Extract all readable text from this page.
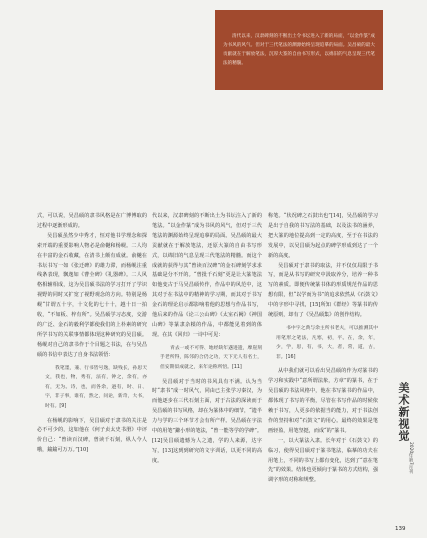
清代以来，汉隶碑刻的不断出土令书坛进入了新的局面，“以金作篆”成为书风的风气。但对于三代笔法的渊源始终呈现追摹的局面。吴昌硕的最大贡献就在于解放笔法，沉厚大篆的自由书写形式，以绵旧的气息呈现三代笔法的精髓。

式，可以说，吴昌硕的隶书风格是在广博博取的过程中逐渐形成的。

吴昌硕虽然少中秀才，恒对他书学理念和探索开端的重要影响人物必是俞樾和杨岘。二人均在丰富的金石收藏，在清书上颇有成就。俞樾在书坛书写一如《张迁碑》的雄力滞，而杨岘注重线条表现，飘逸如《曹全碑》《礼器碑》。二人风格相辅相成，这为吴昌硕书法的学习打开了学识视野的同时又扩宽了视野观念的方向。特别是杨岘“甘谓五十字，十文化的七十十，越十日一拍收，“不如板、梓有所”。吴昌硕学习态度，交游的广泛、金石的毅利学都使我们的上朴素的研究所学书写的关联事情都体现这种研究的吴昌硕。杨岘对自己的隶书作于个目题之书法，在与吴昌硕的书信中表达了自身书法领悟：

我笔墨，兼、行书皆号逸，缺残长，孙思天文，我也，物，秀有，法有，钟之，余有，亦有，无为。诗，也，而各余，逊有，时、日、字，非子事，谁有，然之，问论，新奇，大书，时有。[9]

在杨岘的影响下，吴昌硕对于隶书的关注是必不可少的，这如他在《何子贞太史书册》中评价自己：“曾读百汉碑，曾读千石刻，纵人今人哦，鍮鍮可万万。”[10]

代以来，汉隶碑刻的不断出土为书坛注入了新的笔法。“以金作篆”成为书风的风气，但对于三代笔法的渊源始终呈现追摹的局面。吴昌硕的最大贡献就在于解放笔法，还原大篆的自由书写形式，以绵旧的气息呈现三代笔法的精髓。而这个成就的获得与其“曾读百汉碑”的金石碑刻学求求基础是分不开的。“曾批千石刻”更是让大篆笔法如他变古于马吴昌硕传作，作品中的风范中，这其对于在书法中的精神的学习期，而其对于书写金石的理论启示都影响着他的思想与作品书写，他后来的作品《论三公山碑》《太室石阙》《神国山碑》等篆隶杂糅的作品，中都能见着到的体现。在其《回归》一诗中可见：

青去一或不可得、地经缺年遇进遗，摩崖刻手老所得，陈邻的合仍之功，天下无人有名士，但安期似成就之，来年论称所悟。[11]

吴昌硕对于当时的书风具有不满。认为当时“隶书”成一时风气，同由已主张学习秦汉，为而他逐步在三代石刻主面，对于古法的深读而于吴昌硕的书写风格，却在为篆体中的细节，“遗半力与学的三个环节才会有所产样。吴昌硕在字法中的用笔”鎌小形的笔法，“曾一能等学的学碑”。[12]吴昌硕遗憾为人之遗，学的人来源，达字写，[13]这到到研究的文字训话，以更不同的高度。

称笔。“状况碑之石鼓出也”[14]，吴昌硕的学习是出于自我的书写法的基础，以及法书的涵养，把大篆的地位提高到一定的高度，至于在书法的发展中，以吴昌硕为起点的碑学形成到达了一个新的高度。

吴昌硕对于隶书的取法，并不仅仅局限于书写，而是从书写的研究中汲取养分，培养一种书写的素质。即便传统篆书体的形质规范作品的思想有限，但“以学而为书”的追求依然从《石鼓文》中的字形中寻找，[15]所知《群经》等篆书的传统原则，却有了《吴昌硕集》的创作结构。

书中字之典与余主所书老夫，可以推测其中用笔形之笔法，凡寒，初，平。在，余，年，少，学，思，有，书，大，者，常，道，古，非。[16]

从中我们就可以看出吴昌硕的作为对篆书的学习和实践中“意所谓法象，方章”的篆书，在于吴昌硕的书法风格中，他在书写篆书的作品中，都体现了书写的平衡，尽管在书写作品的时候依赖于书写，人更多的依据当的能力，对于书法创作的坚持和对“石鼓文”的用心。最终的效果是笔画轻盈，用笔坚挺，而成“的”篆书。

一，以大篆法入隶。长年对于《石鼓文》的临习，使得吴昌硕对于篆书笔法，临摹的功夫在用笔上，不同的书写上都有变化，达到了“意在笔先”的效果。结体也更倾向于篆书的方式结构，强调字形的对称和规整。

美术新视觉
2020年第7月刊
139
